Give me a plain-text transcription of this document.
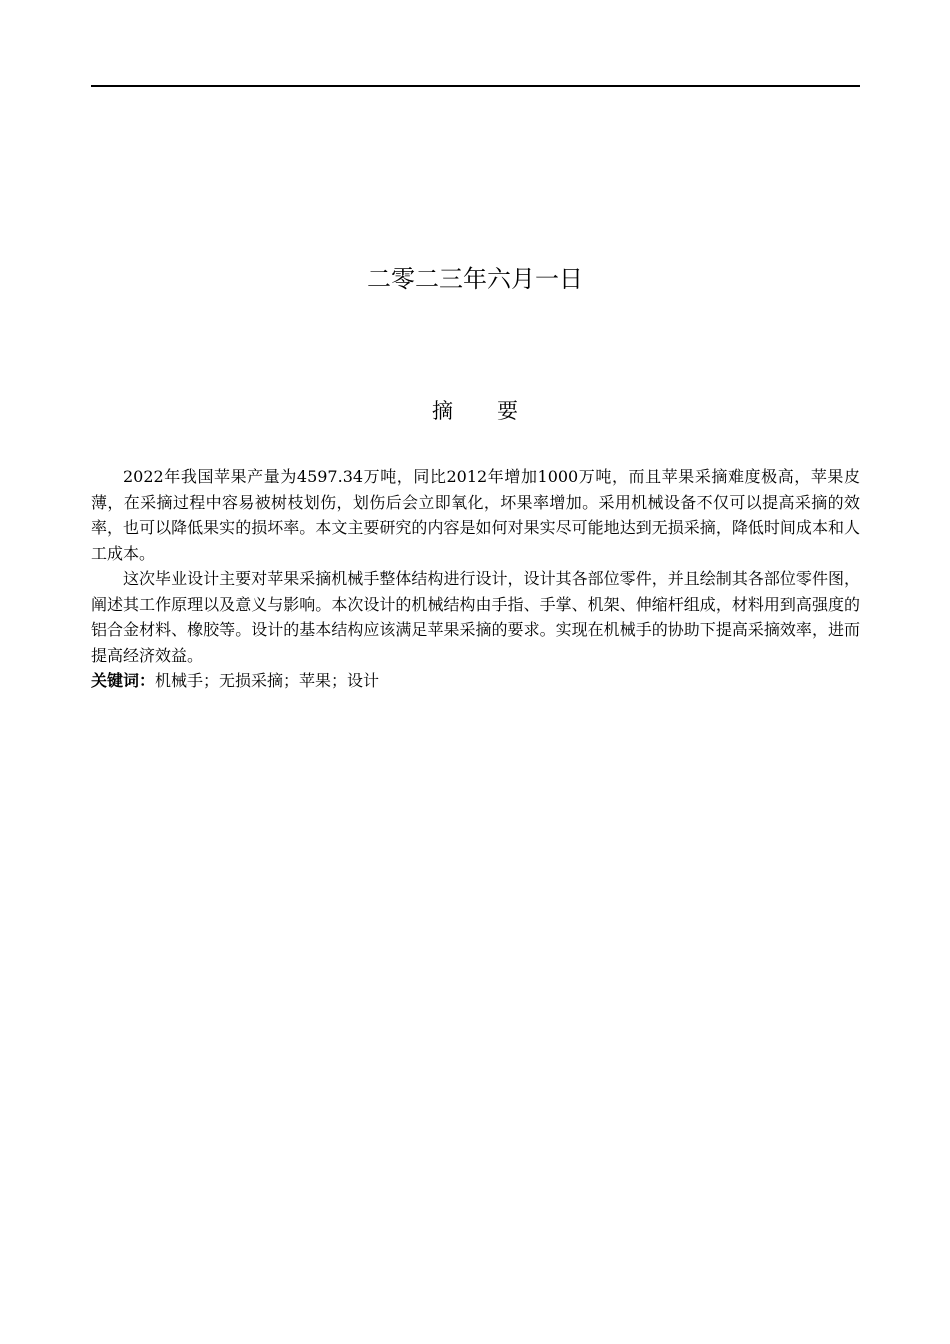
二零二三年六月一日
摘要

2022年我国苹果产量为4597.34万吨，同比2012年增加1000万吨，而且苹果采摘难度极高，苹果皮薄，在采摘过程中容易被树枝划伤，划伤后会立即氧化，坏果率增加。采用机械设备不仅可以提高采摘的效率，也可以降低果实的损坏率。本文主要研究的内容是如何对果实尽可能地达到无损采摘，降低时间成本和人工成本。

这次毕业设计主要对苹果采摘机械手整体结构进行设计，设计其各部位零件，并且绘制其各部位零件图，阐述其工作原理以及意义与影响。本次设计的机械结构由手指、手掌、机架、伸缩杆组成，材料用到高强度的铝合金材料、橡胶等。设计的基本结构应该满足苹果采摘的要求。实现在机械手的协助下提高采摘效率，进而提高经济效益。

关键词：机械手；无损采摘；苹果；设计
